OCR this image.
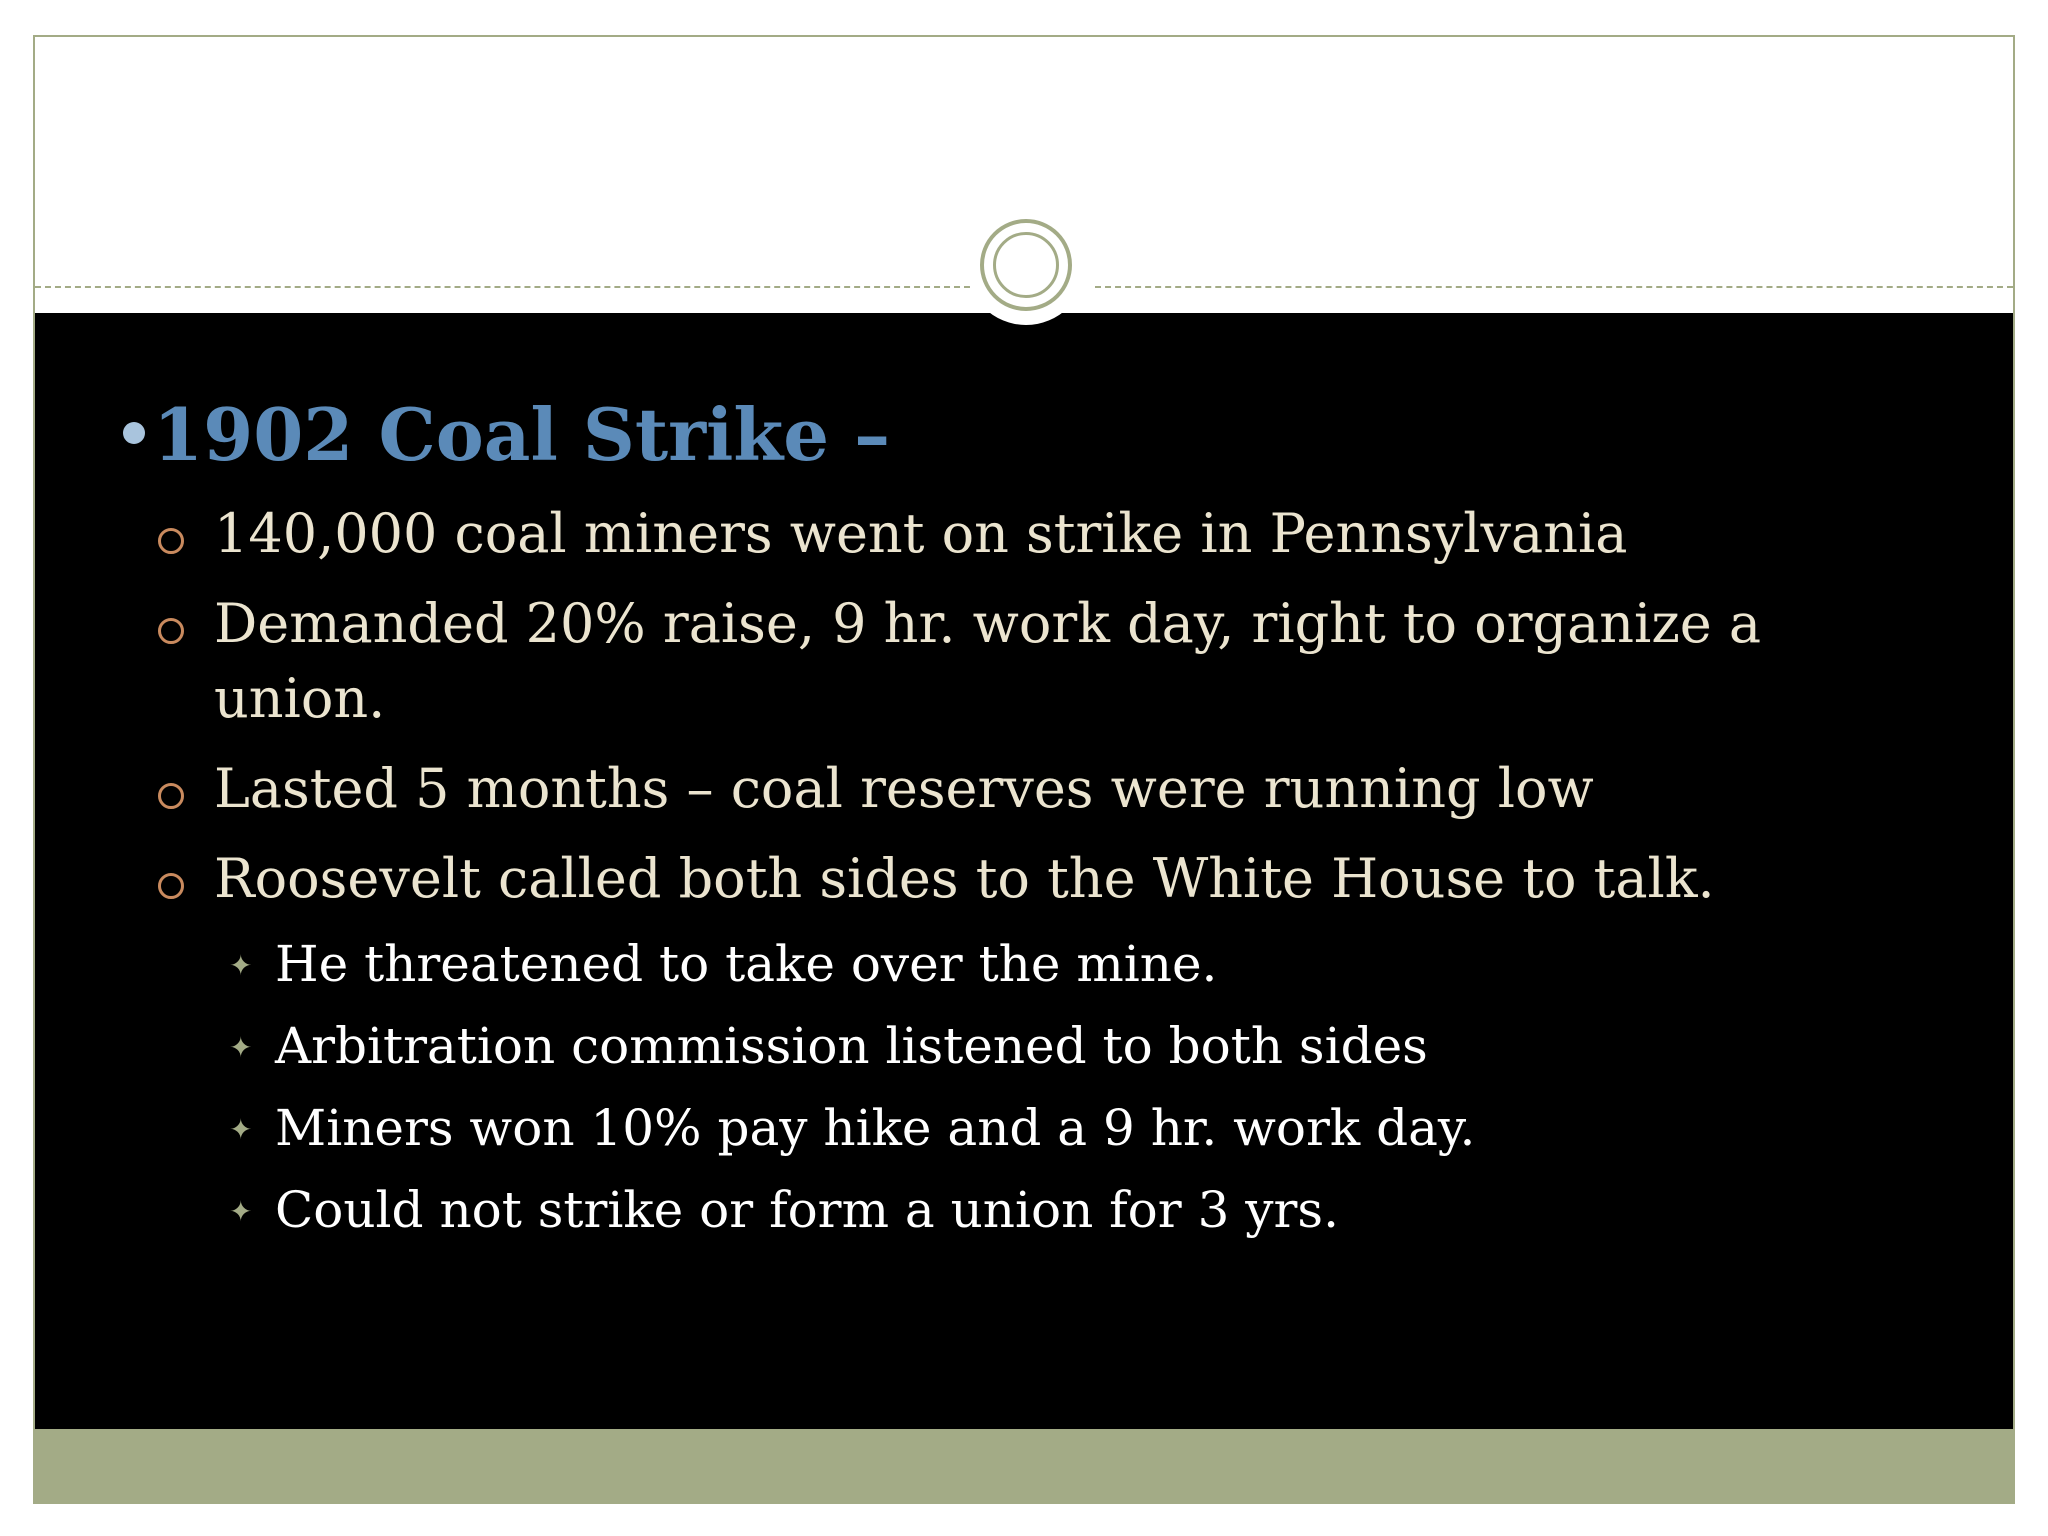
1902 Coal Strike –
140,000 coal miners went on strike in Pennsylvania
Demanded 20% raise, 9 hr. work day, right to organize a
union.
Lasted 5 months – coal reserves were running low
Roosevelt called both sides to the White House to talk.
✦ He threatened to take over the mine.
✦ Arbitration commission listened to both sides
✦ Miners won 10% pay hike and a 9 hr. work day.
✦ Could not strike or form a union for 3 yrs.
